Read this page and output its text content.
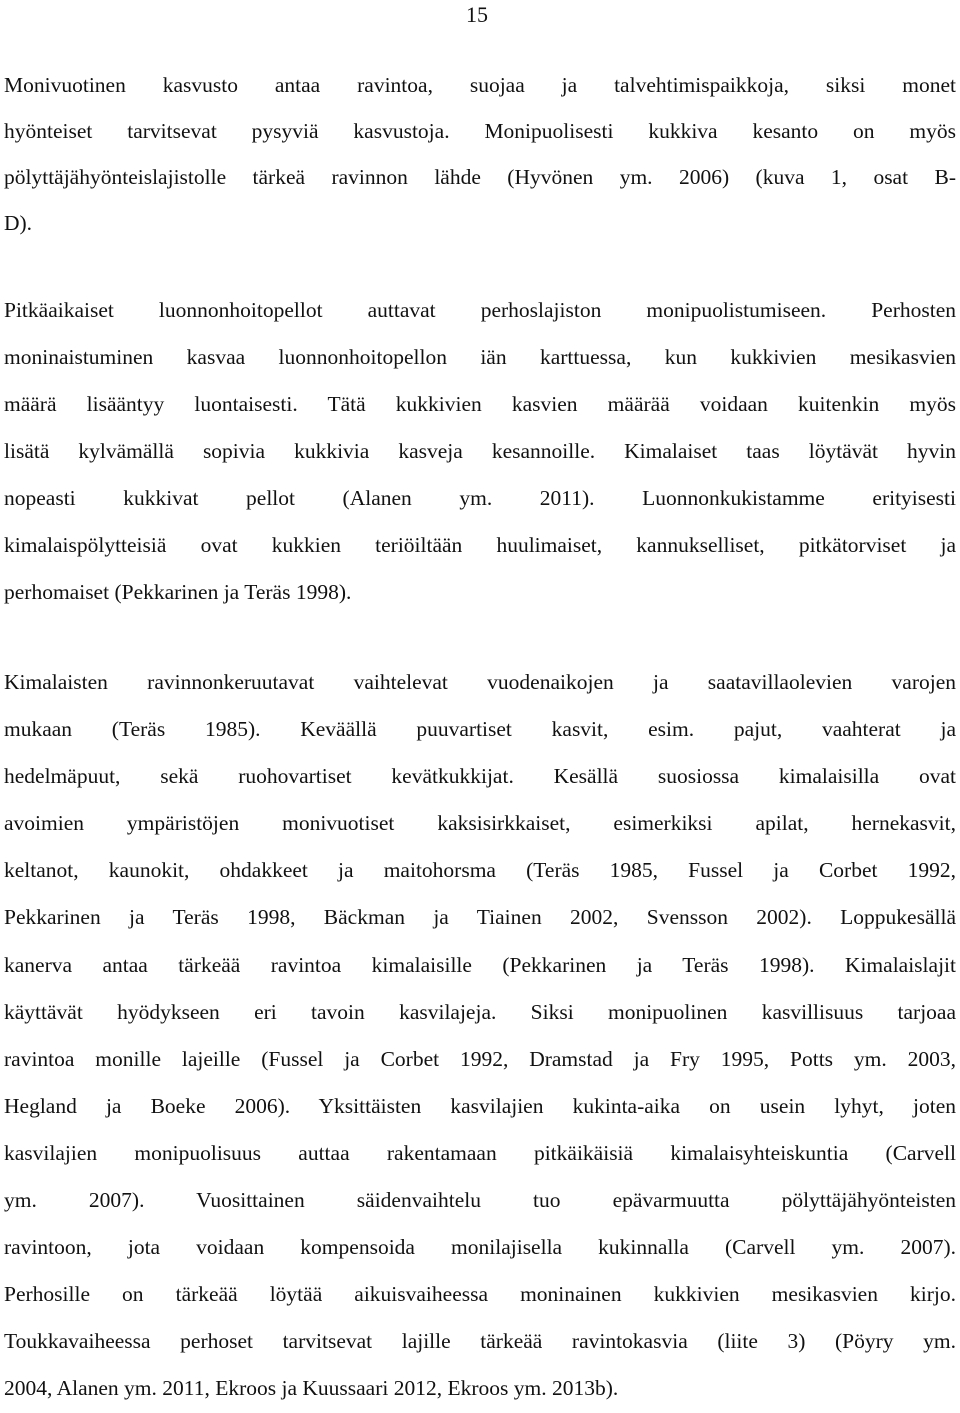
15
Monivuotinen kasvusto antaa ravintoa, suojaa ja talvehtimispaikkoja, siksi monet
hyönteiset tarvitsevat pysyviä kasvustoja. Monipuolisesti kukkiva kesanto on myös
pölyttäjähyönteislajistolle tärkeä ravinnon lähde (Hyvönen ym. 2006) (kuva 1, osat B-
D).
Pitkäaikaiset luonnonhoitopellot auttavat perhoslajiston monipuolistumiseen. Perhosten
moninaistuminen kasvaa luonnonhoitopellon iän karttuessa, kun kukkivien mesikasvien
määrä lisääntyy luontaisesti. Tätä kukkivien kasvien määrää voidaan kuitenkin myös
lisätä kylvämällä sopivia kukkivia kasveja kesannoille. Kimalaiset taas löytävät hyvin
nopeasti kukkivat pellot (Alanen ym. 2011). Luonnonkukistamme erityisesti
kimalaispölytteisiä ovat kukkien teriöiltään huulimaiset, kannukselliset, pitkätorviset ja
perhomaiset (Pekkarinen ja Teräs 1998).
Kimalaisten ravinnonkeruutavat vaihtelevat vuodenaikojen ja saatavillaolevien varojen
mukaan (Teräs 1985). Keväällä puuvartiset kasvit, esim. pajut, vaahterat ja
hedelmäpuut, sekä ruohovartiset kevätkukkijat. Kesällä suosiossa kimalaisilla ovat
avoimien ympäristöjen monivuotiset kaksisirkkaiset, esimerkiksi apilat, hernekasvit,
keltanot, kaunokit, ohdakkeet ja maitohorsma (Teräs 1985, Fussel ja Corbet 1992,
Pekkarinen ja Teräs 1998, Bäckman ja Tiainen 2002, Svensson 2002). Loppukesällä
kanerva antaa tärkeää ravintoa kimalaisille (Pekkarinen ja Teräs 1998). Kimalaislajit
käyttävät hyödykseen eri tavoin kasvilajeja. Siksi monipuolinen kasvillisuus tarjoaa
ravintoa monille lajeille (Fussel ja Corbet 1992, Dramstad ja Fry 1995, Potts ym. 2003,
Hegland ja Boeke 2006). Yksittäisten kasvilajien kukinta-aika on usein lyhyt, joten
kasvilajien monipuolisuus auttaa rakentamaan pitkäikäisiä kimalaisyhteiskuntia (Carvell
ym. 2007). Vuosittainen säidenvaihtelu tuo epävarmuutta pölyttäjähyönteisten
ravintoon, jota voidaan kompensoida monilajisella kukinnalla (Carvell ym. 2007).
Perhosille on tärkeää löytää aikuisvaiheessa moninainen kukkivien mesikasvien kirjo.
Toukkavaiheessa perhoset tarvitsevat lajille tärkeää ravintokasvia (liite 3) (Pöyry ym.
2004, Alanen ym. 2011, Ekroos ja Kuussaari 2012, Ekroos ym. 2013b).
